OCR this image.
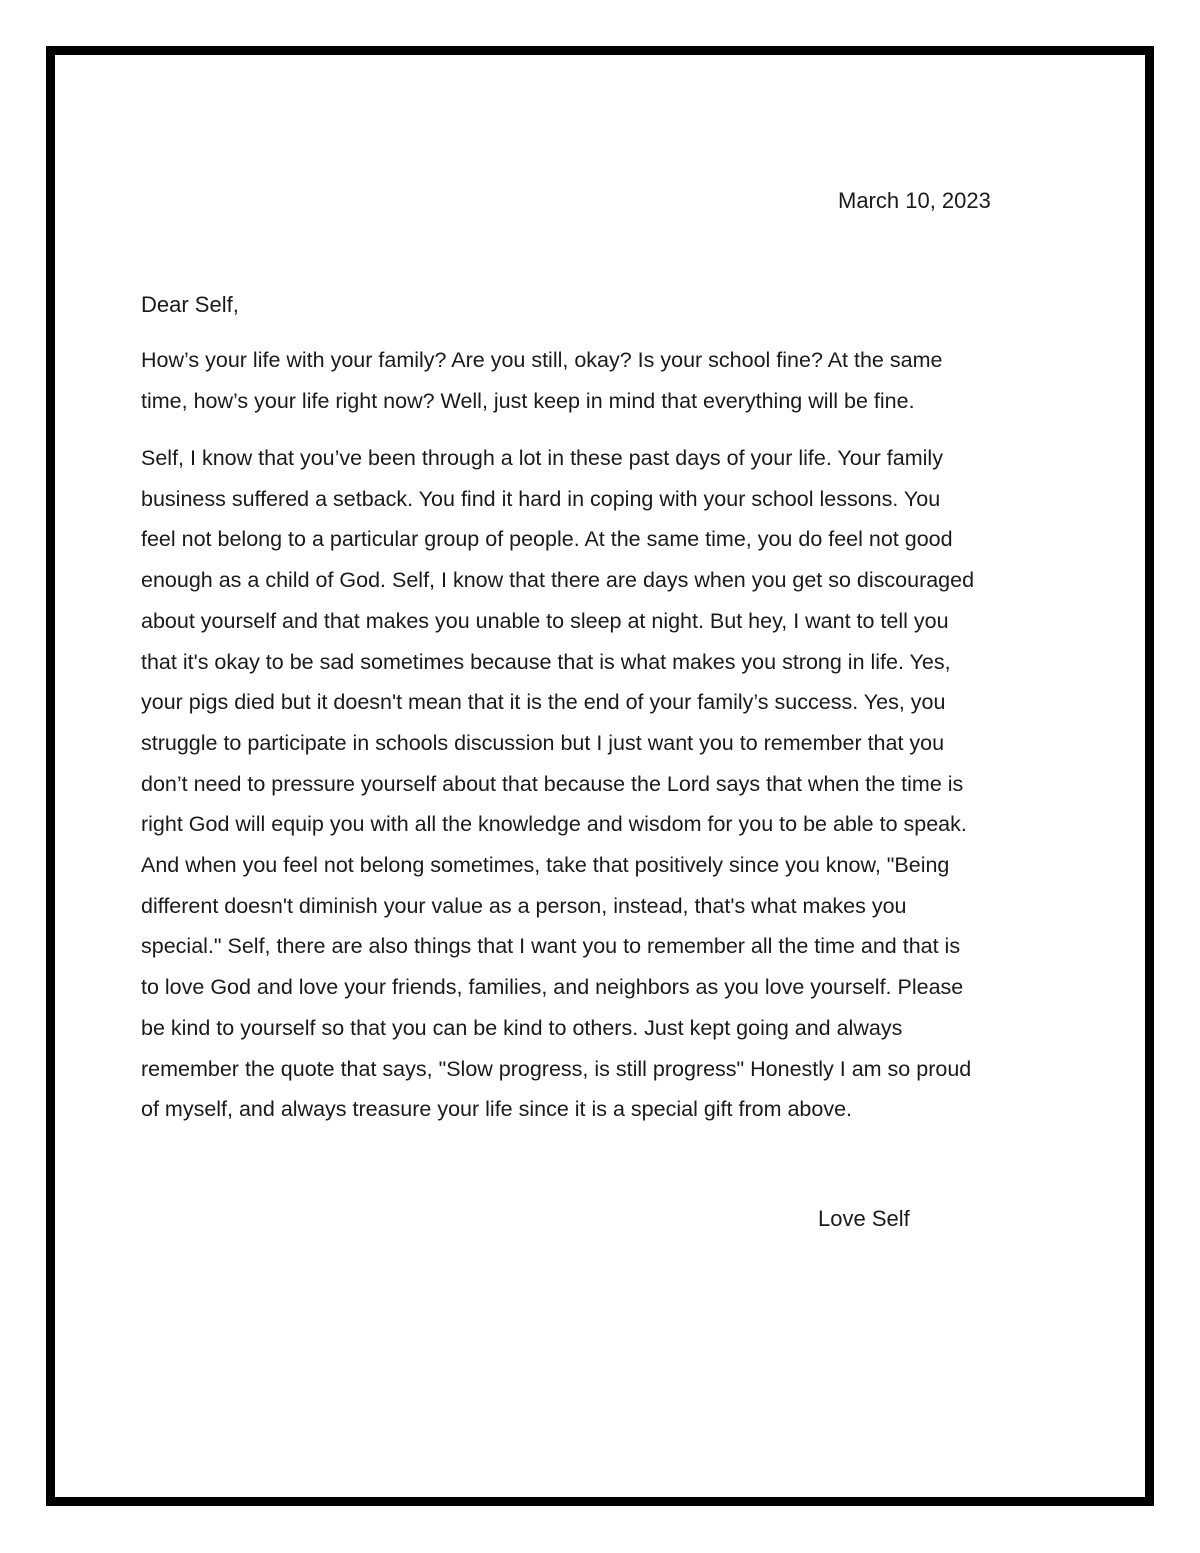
March 10, 2023
Dear Self,

How’s your life with your family? Are you still, okay? Is your school fine? At the same
time, how’s your life right now? Well, just keep in mind that everything will be fine.

Self, I know that you’ve been through a lot in these past days of your life. Your family
business suffered a setback. You find it hard in coping with your school lessons. You
feel not belong to a particular group of people. At the same time, you do feel not good
enough as a child of God. Self, I know that there are days when you get so discouraged
about yourself and that makes you unable to sleep at night. But hey, I want to tell you
that it's okay to be sad sometimes because that is what makes you strong in life. Yes,
your pigs died but it doesn't mean that it is the end of your family’s success. Yes, you
struggle to participate in schools discussion but I just want you to remember that you
don’t need to pressure yourself about that because the Lord says that when the time is
right God will equip you with all the knowledge and wisdom for you to be able to speak.
And when you feel not belong sometimes, take that positively since you know, "Being
different doesn't diminish your value as a person, instead, that's what makes you
special." Self, there are also things that I want you to remember all the time and that is
to love God and love your friends, families, and neighbors as you love yourself. Please
be kind to yourself so that you can be kind to others. Just kept going and always
remember the quote that says, "Slow progress, is still progress" Honestly I am so proud
of myself, and always treasure your life since it is a special gift from above.

Love Self
